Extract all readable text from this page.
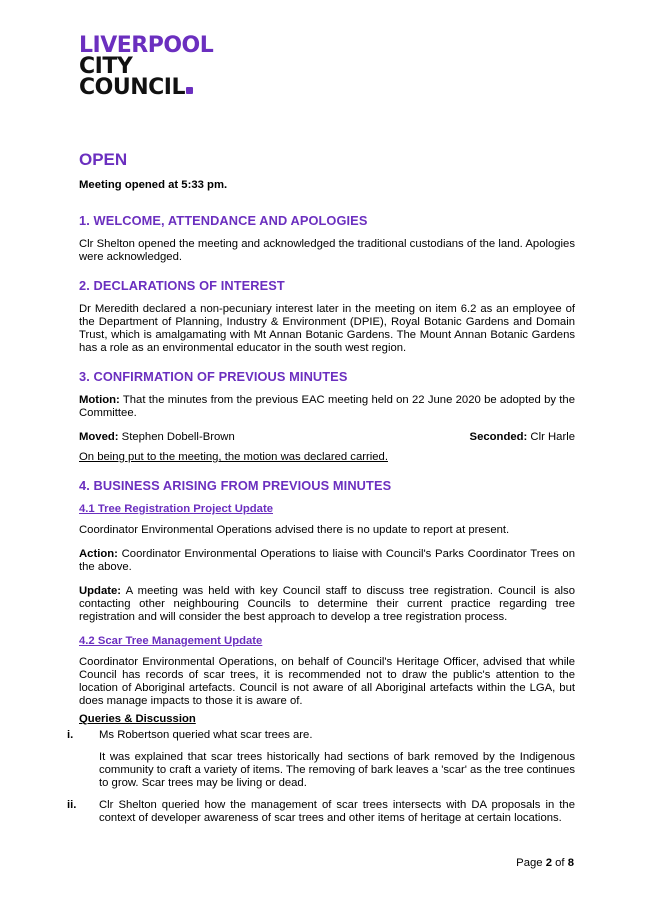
LIVERPOOL
CITY
COUNCIL
OPEN
Meeting opened at 5:33 pm.
1. WELCOME, ATTENDANCE AND APOLOGIES

Clr Shelton opened the meeting and acknowledged the traditional custodians of the land. Apologies were acknowledged.

2. DECLARATIONS OF INTEREST

Dr Meredith declared a non-pecuniary interest later in the meeting on item 6.2 as an employee of the Department of Planning, Industry & Environment (DPIE), Royal Botanic Gardens and Domain Trust, which is amalgamating with Mt Annan Botanic Gardens. The Mount Annan Botanic Gardens has a role as an environmental educator in the south west region.

3. CONFIRMATION OF PREVIOUS MINUTES

Motion: That the minutes from the previous EAC meeting held on 22 June 2020 be adopted by the Committee.

Moved: Stephen Dobell-Brown	Seconded: Clr Harle

On being put to the meeting, the motion was declared carried.

4. BUSINESS ARISING FROM PREVIOUS MINUTES
4.1 Tree Registration Project Update

Coordinator Environmental Operations advised there is no update to report at present.

Action: Coordinator Environmental Operations to liaise with Council's Parks Coordinator Trees on the above.

Update: A meeting was held with key Council staff to discuss tree registration. Council is also contacting other neighbouring Councils to determine their current practice regarding tree registration and will consider the best approach to develop a tree registration process.

4.2 Scar Tree Management Update

Coordinator Environmental Operations, on behalf of Council's Heritage Officer, advised that while Council has records of scar trees, it is recommended not to draw the public's attention to the location of Aboriginal artefacts. Council is not aware of all Aboriginal artefacts within the LGA, but does manage impacts to those it is aware of.

Queries & Discussion
i. Ms Robertson queried what scar trees are.

It was explained that scar trees historically had sections of bark removed by the Indigenous community to craft a variety of items. The removing of bark leaves a 'scar' as the tree continues to grow. Scar trees may be living or dead.

ii. Clr Shelton queried how the management of scar trees intersects with DA proposals in the context of developer awareness of scar trees and other items of heritage at certain locations.

Page 2 of 8
